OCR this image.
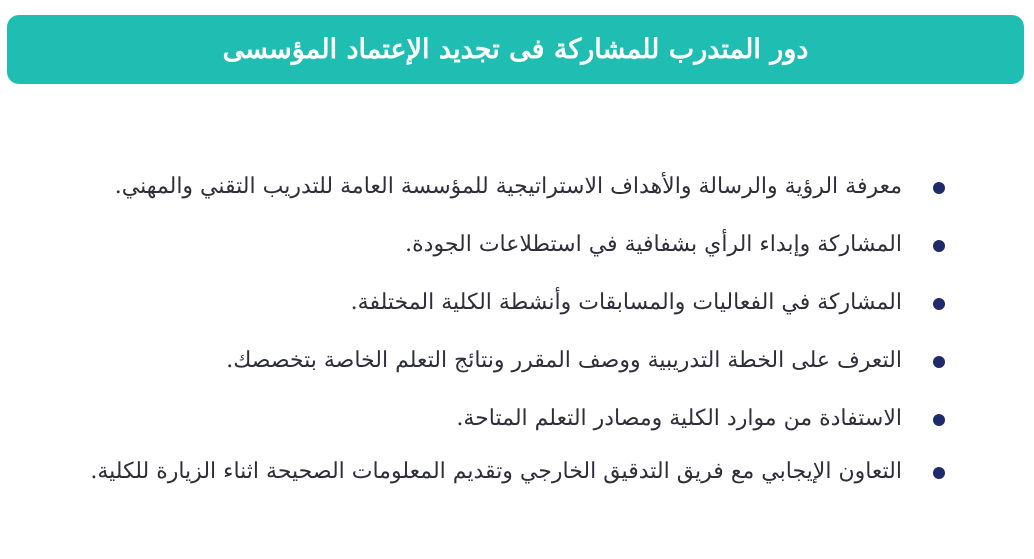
دور المتدرب للمشاركة فى تجديد الإعتماد المؤسسى
معرفة الرؤية والرسالة والأهداف الاستراتيجية للمؤسسة العامة للتدريب التقني والمهني.
المشاركة وإبداء الرأي بشفافية في استطلاعات الجودة.
المشاركة في الفعاليات والمسابقات وأنشطة الكلية المختلفة.
التعرف على الخطة التدريبية ووصف المقرر ونتائج التعلم الخاصة بتخصصك.
الاستفادة من موارد الكلية ومصادر التعلم المتاحة.
التعاون الإيجابي مع فريق التدقيق الخارجي وتقديم المعلومات الصحيحة اثناء الزيارة للكلية.
